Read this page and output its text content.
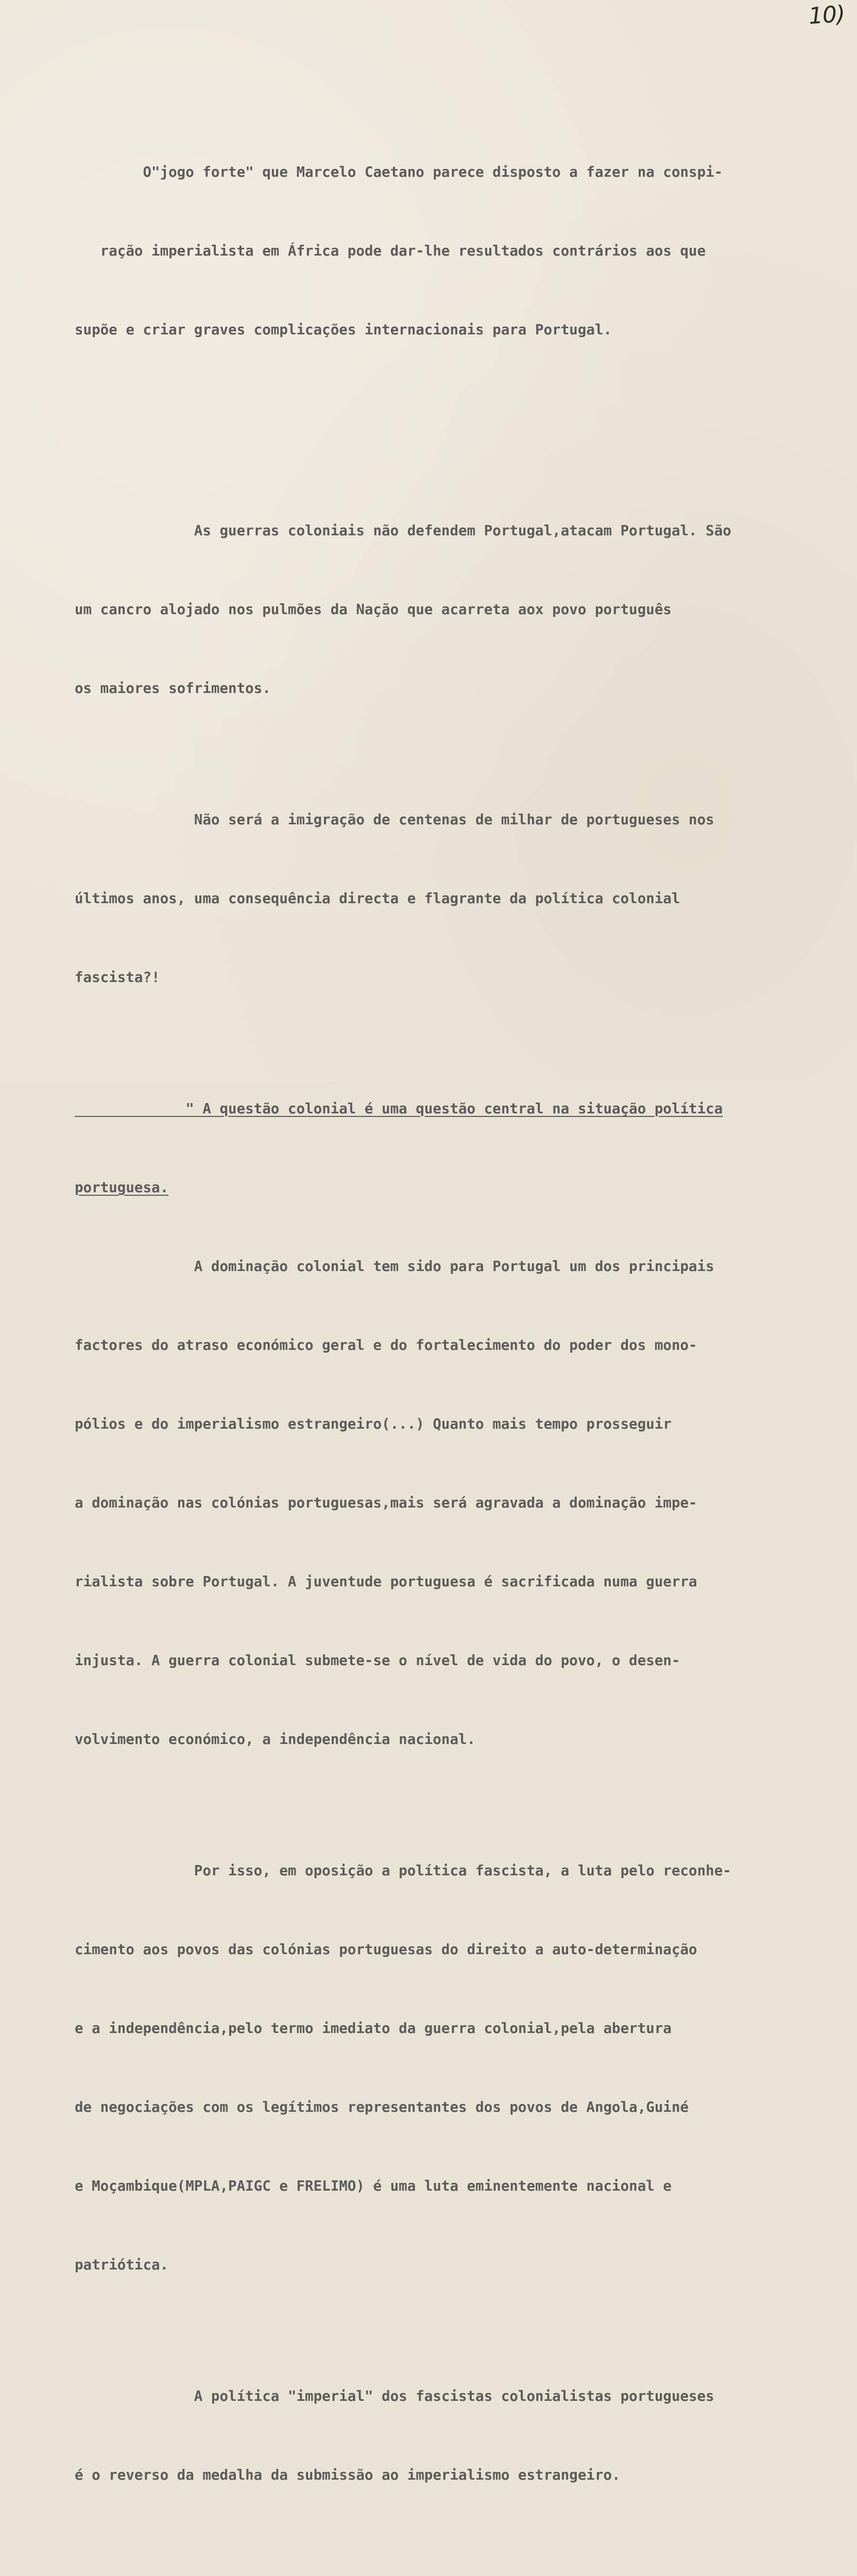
10)

O"jogo forte" que Marcelo Caetano parece disposto a fazer na conspi-

ração imperialista em África pode dar-lhe resultados contrários aos que

supõe e criar graves complicações internacionais para Portugal.

As guerras coloniais não defendem Portugal,atacam Portugal. São

um cancro alojado nos pulmões da Nação que acarreta aox povo português

os maiores sofrimentos.

Não será a imigração de centenas de milhar de portugueses nos

últimos anos, uma consequência directa e flagrante da política colonial

fascista?!

" A questão colonial é uma questão central na situação política

portuguesa.

A dominação colonial tem sido para Portugal um dos principais

factores do atraso económico geral e do fortalecimento do poder dos mono-

pólios e do imperialismo estrangeiro(...) Quanto mais tempo prosseguir

a dominação nas colónias portuguesas,mais será agravada a dominação impe-

rialista sobre Portugal. A juventude portuguesa é sacrificada numa guerra

injusta. A guerra colonial submete-se o nível de vida do povo, o desen-

volvimento económico, a independência nacional.

Por isso, em oposição a política fascista, a luta pelo reconhe-

cimento aos povos das colónias portuguesas do direito a auto-determinação

e a independência,pelo termo imediato da guerra colonial,pela abertura

de negociações com os legítimos representantes dos povos de Angola,Guiné

e Moçambique(MPLA,PAIGC e FRELIMO) é uma luta eminentemente nacional e

patriótica.

A política "imperial" dos fascistas colonialistas portugueses

é o reverso da medalha da submissão ao imperialismo estrangeiro.
